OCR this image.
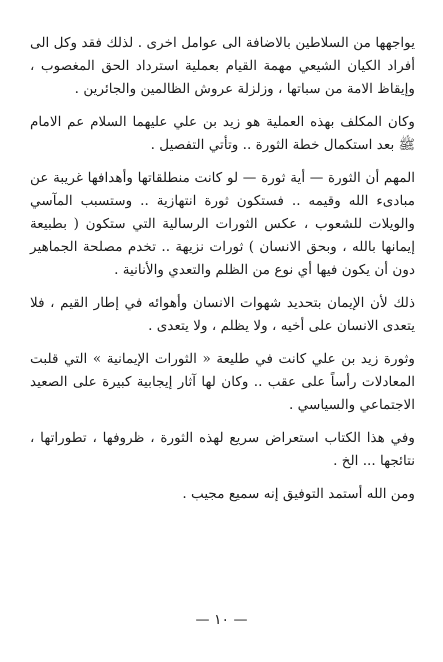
يواجهها من السلاطين بالاضافة الى عوامل اخرى . لذلك فقد وكل الى أفراد الكيان الشيعي مهمة القيام بعملية استرداد الحق المغصوب ، وإيقاظ الامة من سباتها ، وزلزلة عروش الظالمين والجائرين .

وكان المكلف بهذه العملية هو زيد بن علي عليهما السلام عم الامام ﷺ بعد استكمال خطة الثورة .. وتأتي التفصيل .

المهم أن الثورة — أية ثورة — لو كانت منطلقاتها وأهدافها غريبة عن مبادىء الله وقيمه .. فستكون ثورة انتهازية .. وستسبب المآسي والويلات للشعوب ، عكس الثورات الرسالية التي ستكون ( بطبيعة إيمانها بالله ، وبحق الانسان ) ثورات نزيهة .. تخدم مصلحة الجماهير دون أن يكون فيها أي نوع من الظلم والتعدي والأنانية .

ذلك لأن الإيمان بتحديد شهوات الانسان وأهوائه في إطار القيم ، فلا يتعدى الانسان على أخيه ، ولا يظلم ، ولا يتعدى .

وثورة زيد بن علي كانت في طليعة « الثورات الإيمانية » التي قلبت المعادلات رأساً على عقب .. وكان لها آثار إيجابية كبيرة على الصعيد الاجتماعي والسياسي .

وفي هذا الكتاب استعراض سريع لهذه الثورة ، ظروفها ، تطوراتها ، نتائجها ... الخ .

ومن الله أستمد التوفيق إنه سميع مجيب .

— ١٠ —
